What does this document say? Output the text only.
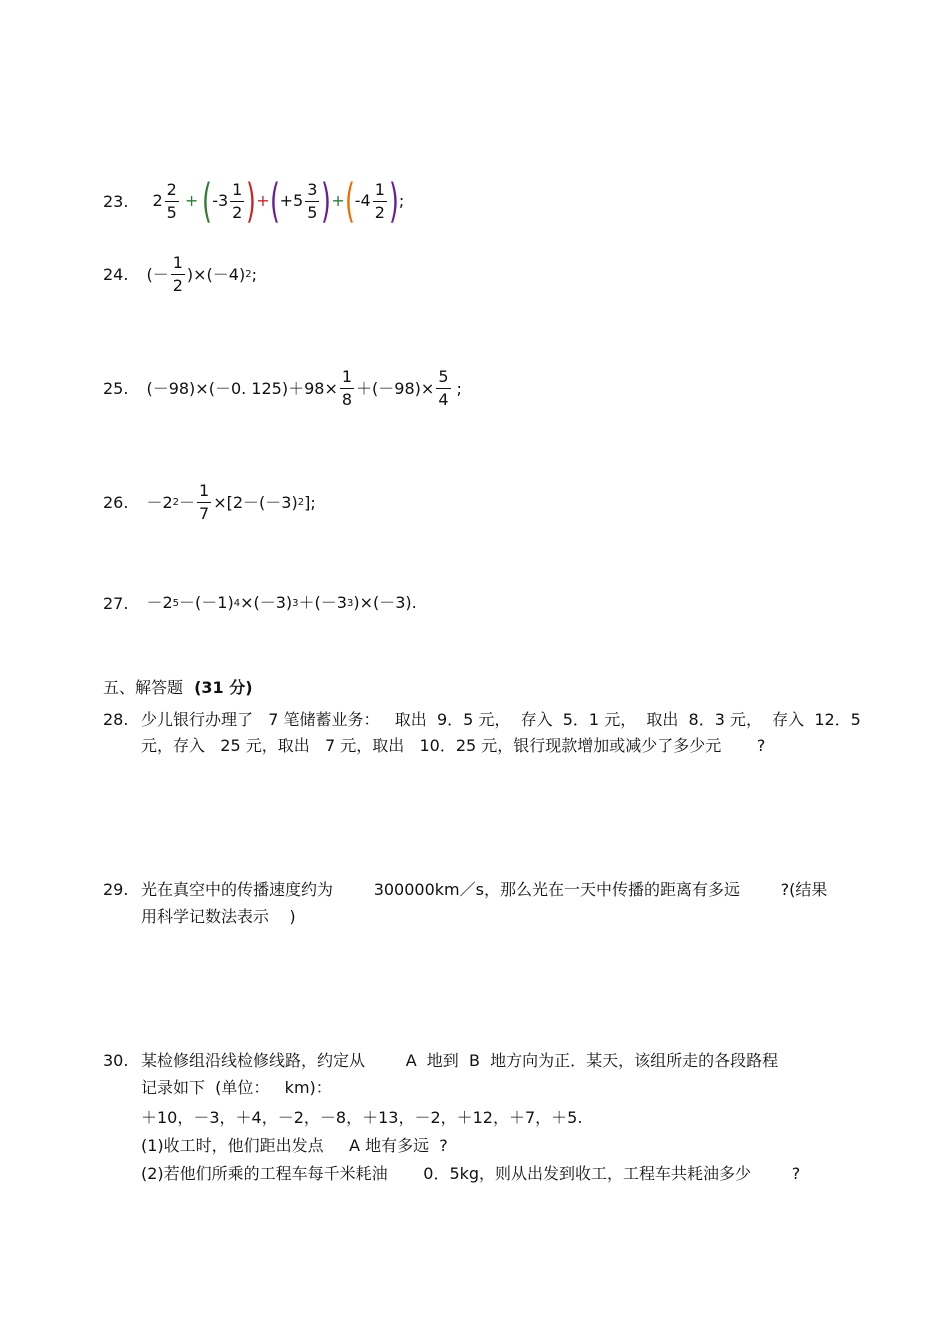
23. 2
2
5
+ ( -3
1
2 ) + ( +5
3
5 ) + ( -4
1
2 ) ;
24. (－
1
2
)×(－4) 2 ;
25. (－98)×(－0. $125)+98\times \frac{1}{8} +(-98)\times \frac{5}{4}$ ;
26. －2 $2 - \frac{1}{7} \times[2-(-3)$ 2 ];
27. －2 5 －(－1) 4 ×(－3) 3 ＋(－3 3 )×(－3).
五、解答题 (31 分)
28. 少儿银行办理了   7 笔储蓄业务：   取出  9．5 元，  存入  5．1 元，  取出  8．3 元，  存入  12．5
元，存入   25 元，取出   7 元，取出   10．25 元，银行现款增加或减少了多少元       ?
29. 光在真空中的传播速度约为        300000km／s，那么光在一天中传播的距离有多远        ?(结果
用科学记数法表示    )
30. 某检修组沿线检修线路，约定从        A  地到  B  地方向为正．某天，该组所走的各段路程
记录如下  (单位：   km)：
＋10，－3，＋4，－2，－8，＋13，－2，＋12，＋7，＋5.
(1)收工时，他们距出发点     A 地有多远  ?
(2)若他们所乘的工程车每千米耗油       0．5kg，则从出发到收工，工程车共耗油多少        ?
